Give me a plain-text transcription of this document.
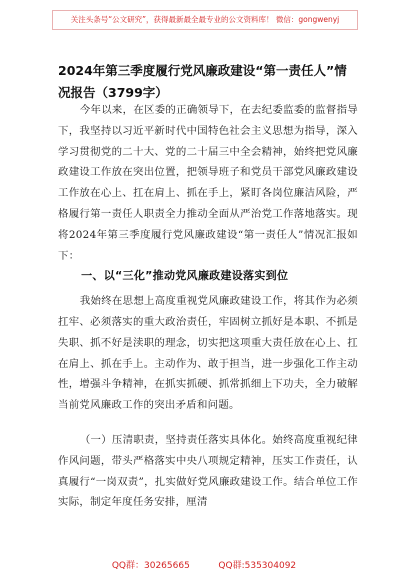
关注头条号“公文研究”，获得最新最全最专业的公文资料库！ 微信：gongwenyj
2024年第三季度履行党风廉政建设“第一责任人”情况报告（3799字）

今年以来，在区委的正确领导下，在去纪委监委的监督指导下，我坚持以习近平新时代中国特色社会主义思想为指导，深入学习贯彻党的二十大、党的二十届三中全会精神，始终把党风廉政建设工作放在突出位置，把领导班子和党员干部党风廉政建设工作放在心上、扛在肩上、抓在手上，紧盯各岗位廉洁风险，严格履行第一责任人职责全力推动全面从严治党工作落地落实。现将2024年第三季度履行党风廉政建设“第一责任人”情况汇报如下：

一、以“三化”推动党风廉政建设落实到位

我始终在思想上高度重视党风廉政建设工作，将其作为必须扛牢、必须落实的重大政治责任，牢固树立抓好是本职、不抓是失职、抓不好是渎职的理念，切实把这项重大责任放在心上、扛在肩上、抓在手上。主动作为、敢于担当，进一步强化工作主动性，增强斗争精神，在抓实抓硬、抓常抓细上下功夫，全力破解当前党风廉政工作的突出矛盾和问题。

（一）压清职责，坚持责任落实具体化。始终高度重视纪律作风问题，带头严格落实中央八项规定精神，压实工作责任，认真履行“一岗双责”，扎实做好党风廉政建设工作。结合单位工作实际，制定年度任务安排，厘清

QQ群：30265665	QQ群:535304092
